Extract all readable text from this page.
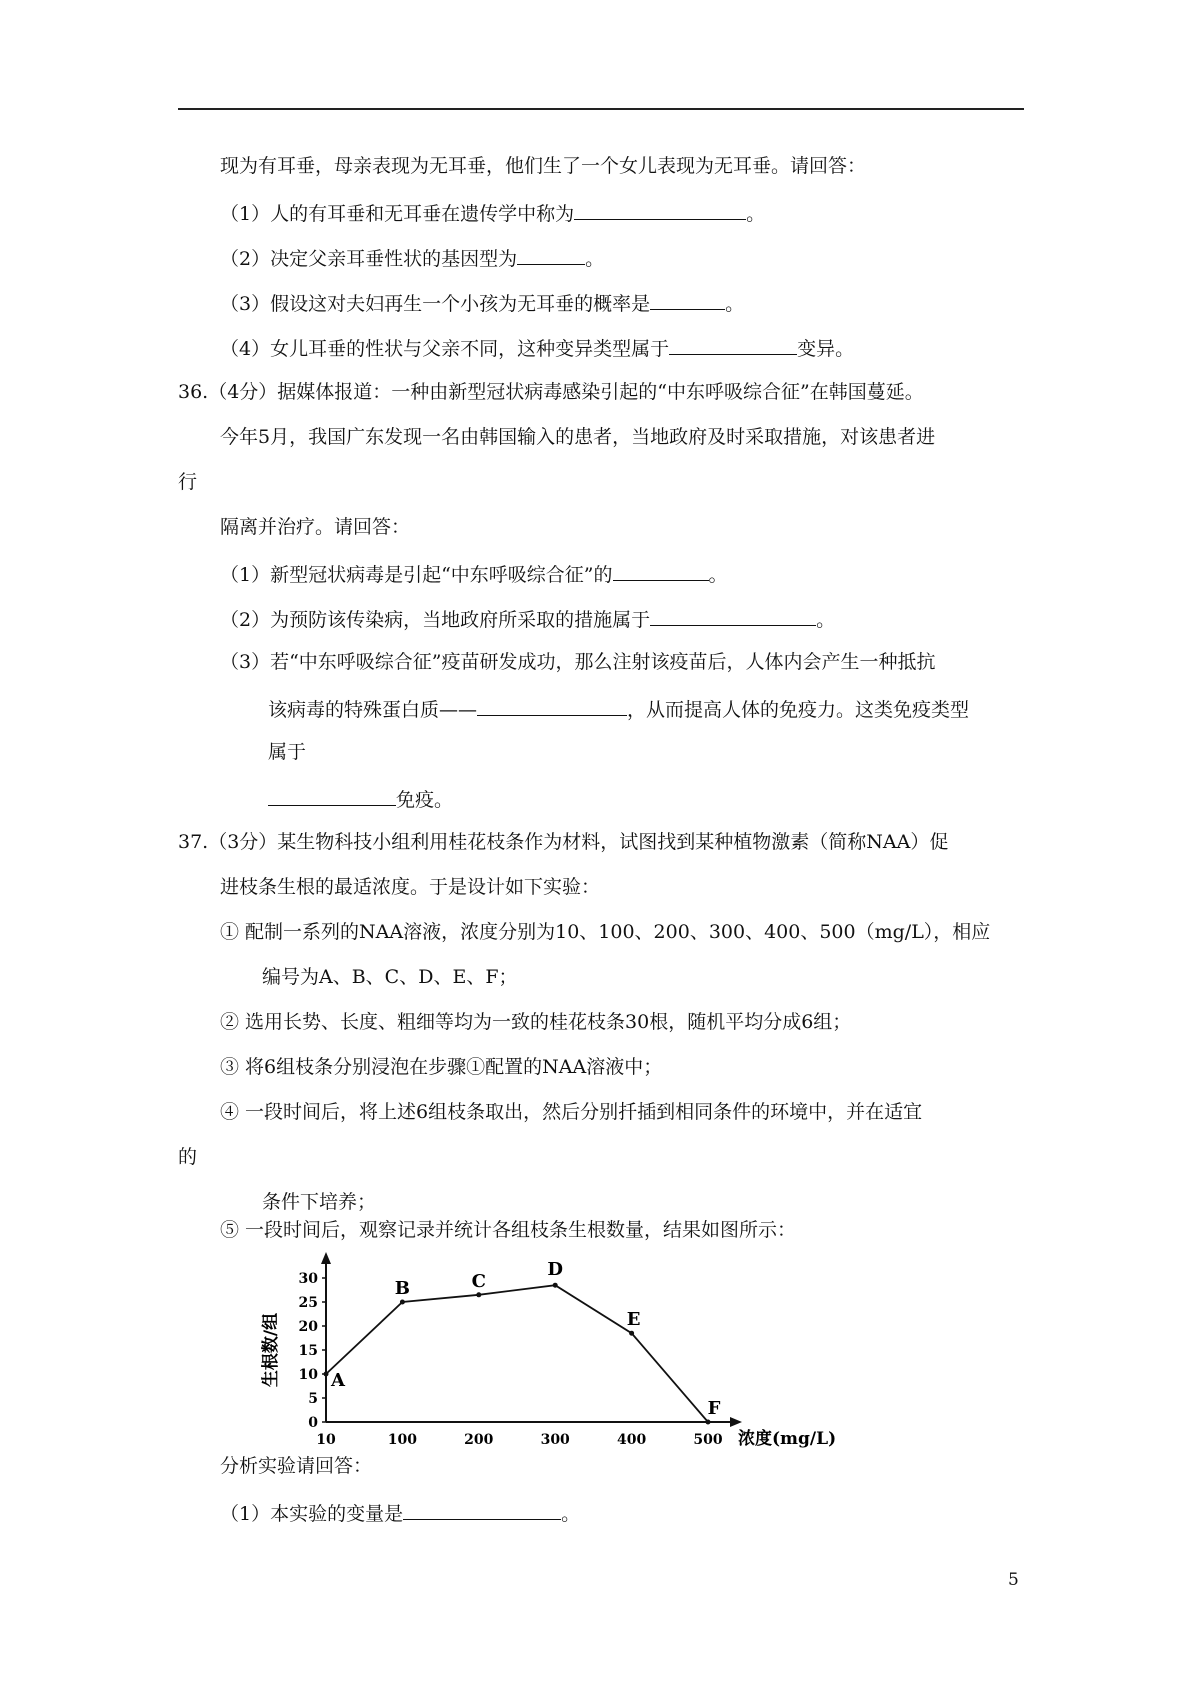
现为有耳垂，母亲表现为无耳垂，他们生了一个女儿表现为无耳垂。请回答：
（1）人的有耳垂和无耳垂在遗传学中称为	。
（2）决定父亲耳垂性状的基因型为	。
（3）假设这对夫妇再生一个小孩为无耳垂的概率是	。
（4）女儿耳垂的性状与父亲不同，这种变异类型属于	变异。
36.（4分）据媒体报道：一种由新型冠状病毒感染引起的“中东呼吸综合征”在韩国蔓延。
今年5月，我国广东发现一名由韩国输入的患者，当地政府及时采取措施，对该患者进
行
隔离并治疗。请回答：
（1）新型冠状病毒是引起“中东呼吸综合征”的	。
（2）为预防该传染病，当地政府所采取的措施属于	。
（3）若“中东呼吸综合征”疫苗研发成功，那么注射该疫苗后，人体内会产生一种抵抗
该病毒的特殊蛋白质——	，从而提高人体的免疫力。这类免疫类型
属于
免疫。
37.（3分）某生物科技小组利用桂花枝条作为材料，试图找到某种植物激素（简称NAA）促
进枝条生根的最适浓度。于是设计如下实验：
① 配制一系列的NAA溶液，浓度分别为10、100、200、300、400、500（mg/L），相应
编号为A、B、C、D、E、F；
② 选用长势、长度、粗细等均为一致的桂花枝条30根，随机平均分成6组；
③ 将6组枝条分别浸泡在步骤①配置的NAA溶液中；
④ 一段时间后，将上述6组枝条取出，然后分别扦插到相同条件的环境中，并在适宜
的
条件下培养；
⑤ 一段时间后，观察记录并统计各组枝条生根数量，结果如图所示：
0
5
10
15
20
25
30
10	100	200	300	400	500
A
B	C
D
E
F
生根数/组
浓度(mg/L)
分析实验请回答：
（1）本实验的变量是	。
5
